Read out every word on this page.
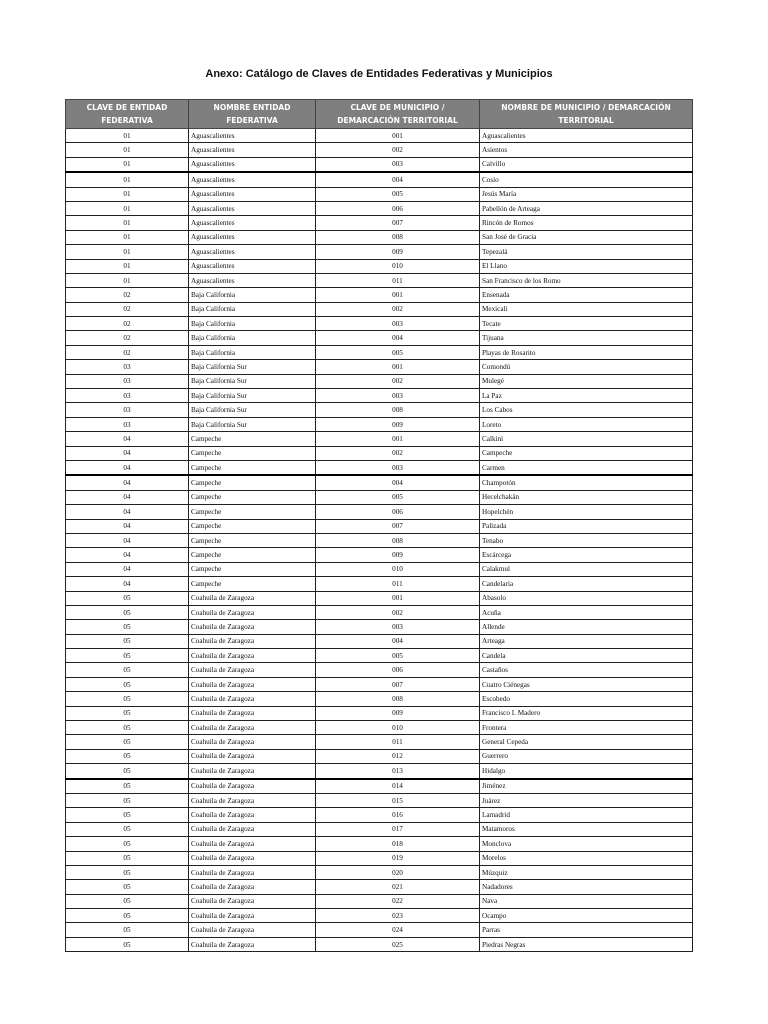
Anexo: Catálogo de Claves de Entidades Federativas y Municipios
CLAVE DE ENTIDAD FEDERATIVA	NOMBRE ENTIDAD FEDERATIVA	CLAVE DE MUNICIPIO / DEMARCACIÓN TERRITORIAL	NOMBRE DE MUNICIPIO / DEMARCACIÓN TERRITORIAL
01	Aguascalientes	001	Aguascalientes
01	Aguascalientes	002	Asientos
01	Aguascalientes	003	Calvillo
01	Aguascalientes	004	Cosío
01	Aguascalientes	005	Jesús María
01	Aguascalientes	006	Pabellón de Arteaga
01	Aguascalientes	007	Rincón de Romos
01	Aguascalientes	008	San José de Gracia
01	Aguascalientes	009	Tepezalá
01	Aguascalientes	010	El Llano
01	Aguascalientes	011	San Francisco de los Romo
02	Baja California	001	Ensenada
02	Baja California	002	Mexicali
02	Baja California	003	Tecate
02	Baja California	004	Tijuana
02	Baja California	005	Playas de Rosarito
03	Baja California Sur	001	Comondú
03	Baja California Sur	002	Mulegé
03	Baja California Sur	003	La Paz
03	Baja California Sur	008	Los Cabos
03	Baja California Sur	009	Loreto
04	Campeche	001	Calkiní
04	Campeche	002	Campeche
04	Campeche	003	Carmen
04	Campeche	004	Champotón
04	Campeche	005	Hecelchakán
04	Campeche	006	Hopelchén
04	Campeche	007	Palizada
04	Campeche	008	Tenabo
04	Campeche	009	Escárcega
04	Campeche	010	Calakmul
04	Campeche	011	Candelaria
05	Coahuila de Zaragoza	001	Abasolo
05	Coahuila de Zaragoza	002	Acuña
05	Coahuila de Zaragoza	003	Allende
05	Coahuila de Zaragoza	004	Arteaga
05	Coahuila de Zaragoza	005	Candela
05	Coahuila de Zaragoza	006	Castaños
05	Coahuila de Zaragoza	007	Cuatro Ciénegas
05	Coahuila de Zaragoza	008	Escobedo
05	Coahuila de Zaragoza	009	Francisco I. Madero
05	Coahuila de Zaragoza	010	Frontera
05	Coahuila de Zaragoza	011	General Cepeda
05	Coahuila de Zaragoza	012	Guerrero
05	Coahuila de Zaragoza	013	Hidalgo
05	Coahuila de Zaragoza	014	Jiménez
05	Coahuila de Zaragoza	015	Juárez
05	Coahuila de Zaragoza	016	Lamadrid
05	Coahuila de Zaragoza	017	Matamoros
05	Coahuila de Zaragoza	018	Monclova
05	Coahuila de Zaragoza	019	Morelos
05	Coahuila de Zaragoza	020	Múzquiz
05	Coahuila de Zaragoza	021	Nadadores
05	Coahuila de Zaragoza	022	Nava
05	Coahuila de Zaragoza	023	Ocampo
05	Coahuila de Zaragoza	024	Parras
05	Coahuila de Zaragoza	025	Piedras Negras
